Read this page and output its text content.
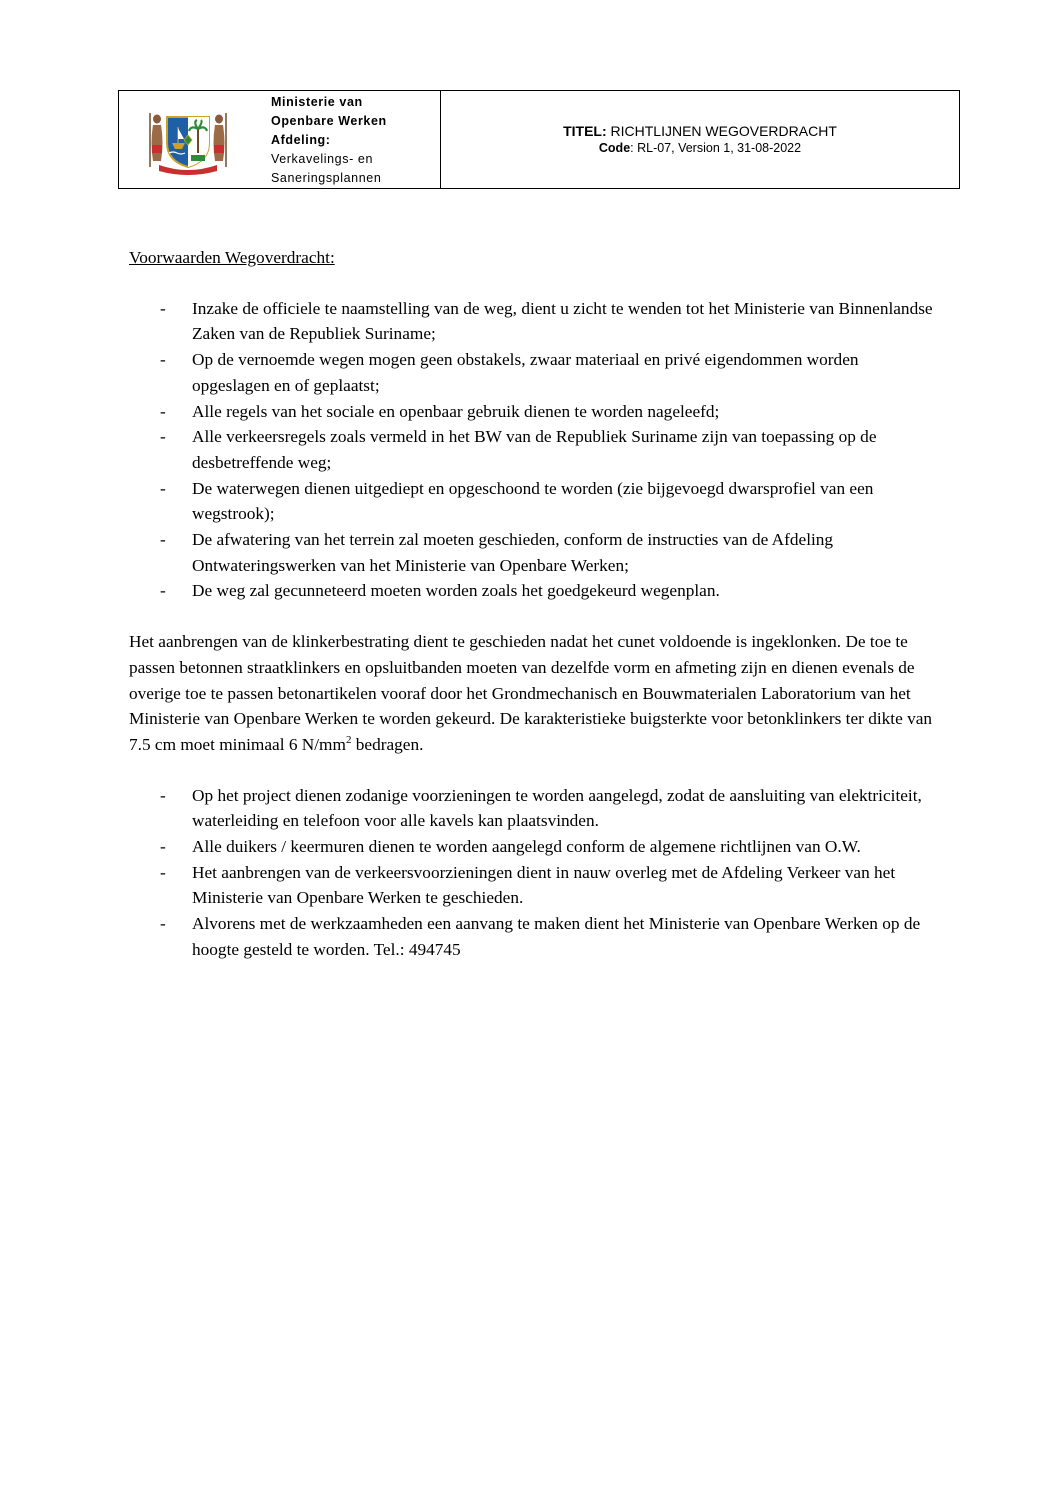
Ministerie van
Openbare Werken
Afdeling:
Verkavelings- en
Saneringsplannen
TITEL: RICHTLIJNEN WEGOVERDRACHT
Code: RL-07, Version 1, 31-08-2022
Voorwaarden Wegoverdracht:
- Inzake de officiele te naamstelling van de weg, dient u zicht te wenden tot het Ministerie van Binnenlandse Zaken van de Republiek Suriname;
- Op de vernoemde wegen mogen geen obstakels, zwaar materiaal en privé eigendommen worden opgeslagen en of geplaatst;
- Alle regels van het sociale en openbaar gebruik dienen te worden nageleefd;
- Alle verkeersregels zoals vermeld in het BW van de Republiek Suriname zijn van toepassing op de desbetreffende weg;
- De waterwegen dienen uitgediept en opgeschoond te worden (zie bijgevoegd dwarsprofiel van een wegstrook);
- De afwatering van het terrein zal moeten geschieden, conform de instructies van de Afdeling Ontwateringswerken van het Ministerie van Openbare Werken;
- De weg zal gecunneteerd moeten worden zoals het goedgekeurd wegenplan.
Het aanbrengen van de klinkerbestrating dient te geschieden nadat het cunet voldoende is ingeklonken. De toe te passen betonnen straatklinkers en opsluitbanden moeten van dezelfde vorm en afmeting zijn en dienen evenals de overige toe te passen betonartikelen vooraf door het Grondmechanisch en Bouwmaterialen Laboratorium van het Ministerie van Openbare Werken te worden gekeurd. De karakteristieke buigsterkte voor betonklinkers ter dikte van 7.5 cm moet minimaal 6 $N/mm^2$ bedragen.
- Op het project dienen zodanige voorzieningen te worden aangelegd, zodat de aansluiting van elektriciteit, waterleiding en telefoon voor alle kavels kan plaatsvinden.
- Alle duikers / keermuren dienen te worden aangelegd conform de algemene richtlijnen van O.W.
- Het aanbrengen van de verkeersvoorzieningen dient in nauw overleg met de Afdeling Verkeer van het Ministerie van Openbare Werken te geschieden.
- Alvorens met de werkzaamheden een aanvang te maken dient het Ministerie van Openbare Werken op de hoogte gesteld te worden. Tel.: 494745
